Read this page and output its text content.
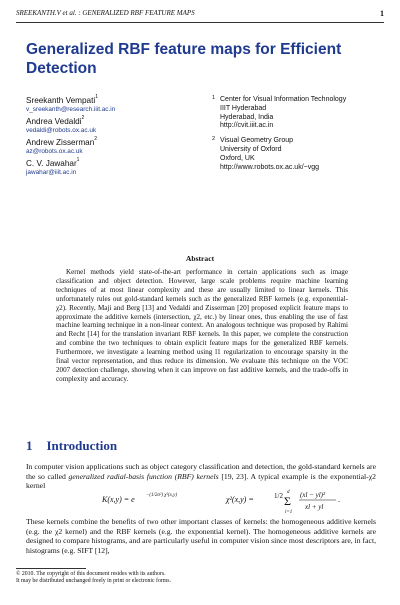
SREEKANTH.V et al. : GENERALIZED RBF FEATURE MAPS	1
Generalized RBF feature maps for Efficient Detection
Sreekanth Vempati$^1$
v_sreekanth@research.iiit.ac.in
Andrea Vedaldi$^2$
vedaldi@robots.ox.ac.uk
Andrew Zisserman$^2$
az@robots.ox.ac.uk
C. V. Jawahar$^1$
jawahar@iiit.ac.in
1 Center for Visual Information Technology
IIIT Hyderabad
Hyderabad, India
http://cvit.iiit.ac.in
2 Visual Geometry Group
University of Oxford
Oxford, UK
http://www.robots.ox.ac.uk/~vgg
Abstract
Kernel methods yield state-of-the-art performance in certain applications such as image classification and object detection. However, large scale problems require machine learning techniques of at most linear complexity and these are usually limited to linear kernels. This unfortunately rules out gold-standard kernels such as the generalized RBF kernels (e.g. exponential-χ2). Recently, Maji and Berg [13] and Vedaldi and Zisserman [20] proposed explicit feature maps to approximate the additive kernels (intersection, χ2, etc.) by linear ones, thus enabling the use of fast machine learning technique in a non-linear context. An analogous technique was proposed by Rahimi and Recht [14] for the translation invariant RBF kernels. In this paper, we complete the construction and combine the two techniques to obtain explicit feature maps for the generalized RBF kernels. Furthermore, we investigate a learning method using l1 regularization to encourage sparsity in the final vector representation, and thus reduce its dimension. We evaluate this technique on the VOC 2007 detection challenge, showing when it can improve on fast additive kernels, and the trade-offs in complexity and accuracy.
1 Introduction
In computer vision applications such as object category classification and detection, the gold-standard kernels are the so called generalized radial-basis function (RBF) kernels [19, 23]. A typical example is the exponential-χ2 kernel
K(x,y) = e −(1/2σ²) χ²(x,y)	χ²(x,y) =	1/2 d
Σ
l=1
(xl − yl)²
xl + yl
.
These kernels combine the benefits of two other important classes of kernels: the homogeneous additive kernels (e.g. the χ2 kernel) and the RBF kernels (e.g. the exponential kernel). The homogeneous additive kernels are designed to compare histograms, and are particularly useful in computer vision since most descriptors are, in fact, histograms (e.g. SIFT [12],
© 2010. The copyright of this document resides with its authors.
It may be distributed unchanged freely in print or electronic forms.
